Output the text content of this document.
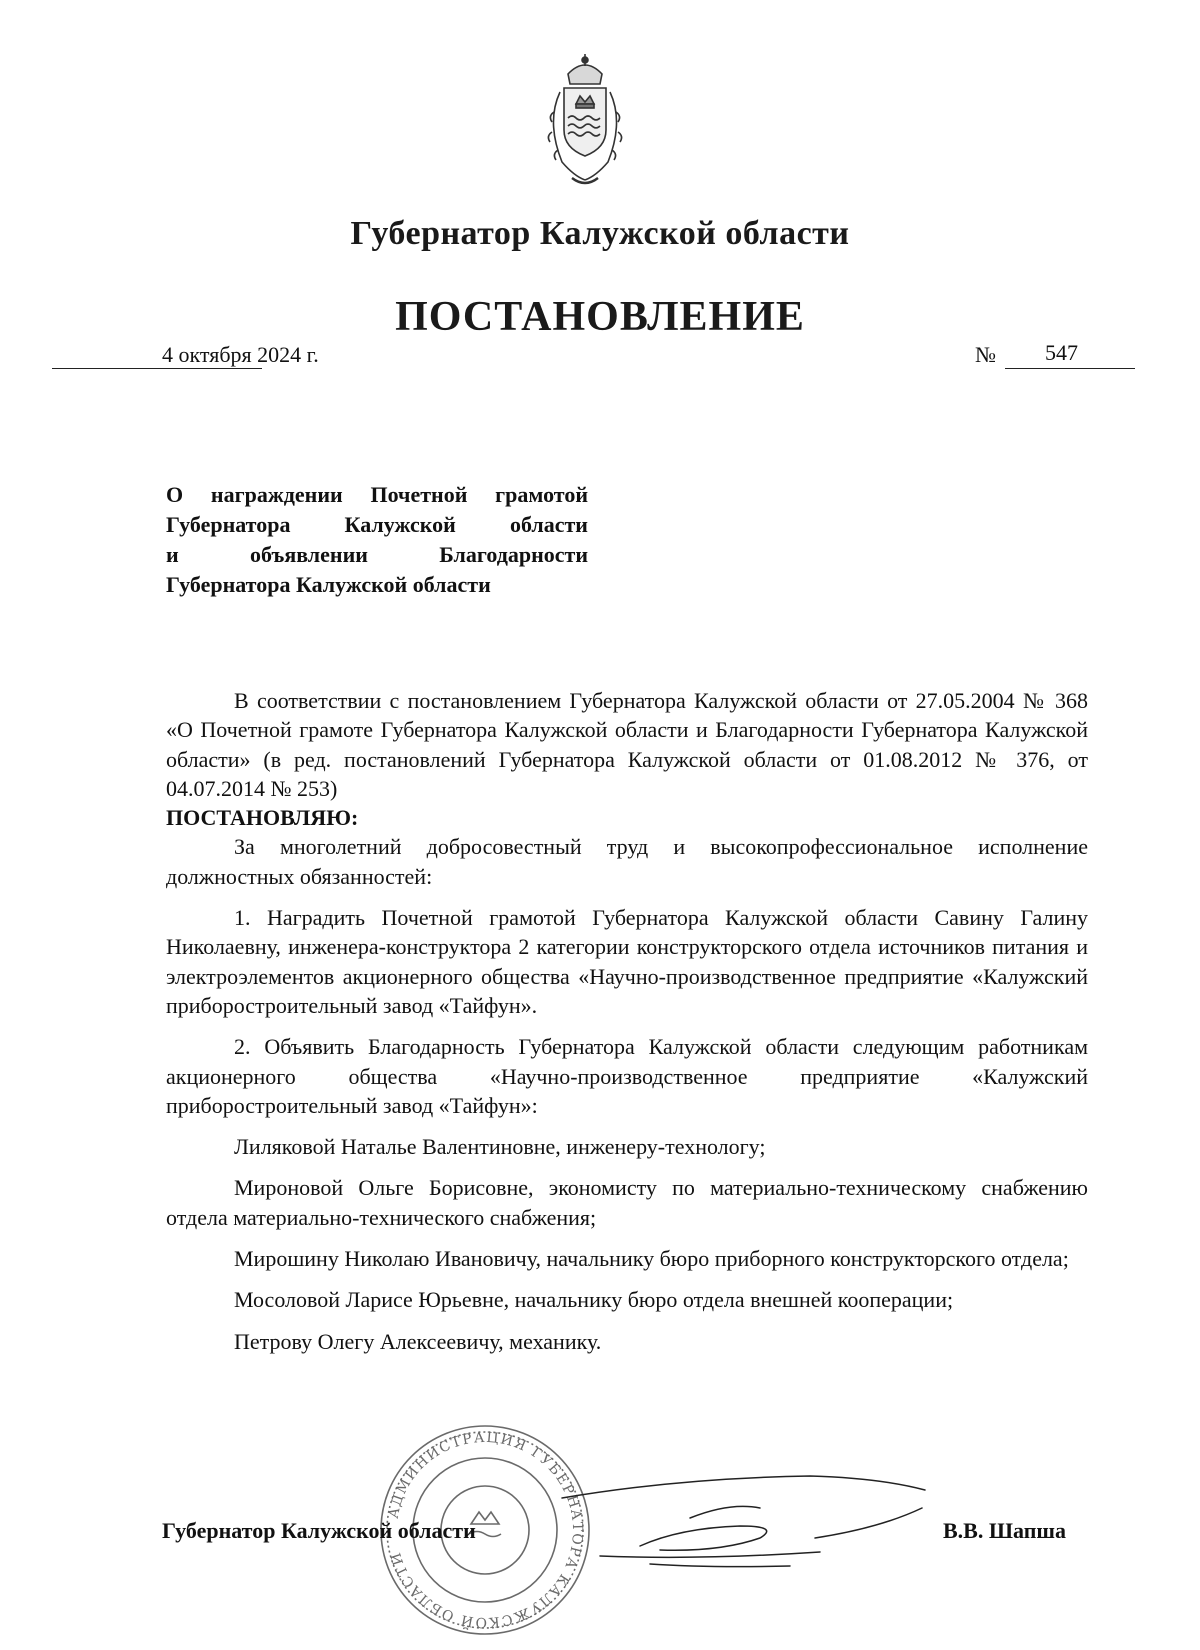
Губернатор Калужской области
ПОСТАНОВЛЕНИЕ
4 октября 2024 г.	№ 547
О награждении Почетной грамотой
Губернатора Калужской области
и объявлении Благодарности
Губернатора Калужской области

В соответствии с постановлением Губернатора Калужской области от 27.05.2004 № 368 «О Почетной грамоте Губернатора Калужской области и Благодарности Губернатора Калужской области» (в ред. постановлений Губернатора Калужской области от 01.08.2012 № 376, от 04.07.2014 № 253)

ПОСТАНОВЛЯЮ:

За многолетний добросовестный труд и высокопрофессиональное исполнение должностных обязанностей:

1. Наградить Почетной грамотой Губернатора Калужской области Савину Галину Николаевну, инженера-конструктора 2 категории конструкторского отдела источников питания и электроэлементов акционерного общества «Научно-производственное предприятие «Калужский приборостроительный завод «Тайфун».

2. Объявить Благодарность Губернатора Калужской области следующим работникам акционерного общества «Научно-производственное предприятие «Калужский приборостроительный завод «Тайфун»:

Лиляковой Наталье Валентиновне, инженеру-технологу;

Мироновой Ольге Борисовне, экономисту по материально-техническому снабжению отдела материально-технического снабжения;

Мирошину Николаю Ивановичу, начальнику бюро приборного конструкторского отдела;

Мосоловой Ларисе Юрьевне, начальнику бюро отдела внешней кооперации;

Петрову Олегу Алексеевичу, механику.

АДМИНИСТРАЦИЯ ГУБЕРНАТОРА КАЛУЖСКОЙ ОБЛАСТИ
Губернатор Калужской области	В.В. Шапша
